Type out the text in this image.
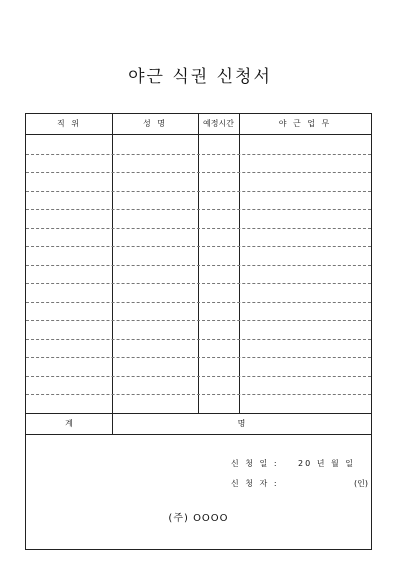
야근 식권 신청서
직 위	성 명	예정시간	야 근 업 무
계	명
신 청 일 : 20 년 월 일
신 청 자 :	(인)
(주) OOOO
